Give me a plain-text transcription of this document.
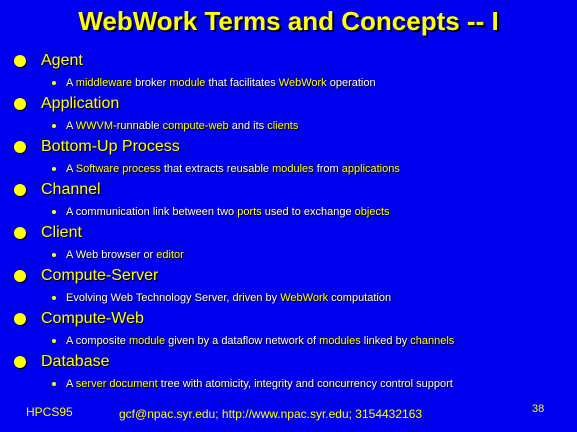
WebWork Terms and Concepts -- I
Agent
A middleware broker module that facilitates WebWork operation
Application
A WWVM-runnable compute-web and its clients
Bottom-Up Process
A Software process that extracts reusable modules from applications
Channel
A communication link between two ports used to exchange objects
Client
A Web browser or editor
Compute-Server
Evolving Web Technology Server, driven by WebWork computation
Compute-Web
A composite module given by a dataflow network of modules linked by channels
Database
A server document tree with atomicity, integrity and concurrency control support
HPCS95	gcf@npac.syr.edu; http://www.npac.syr.edu; 3154432163	38
